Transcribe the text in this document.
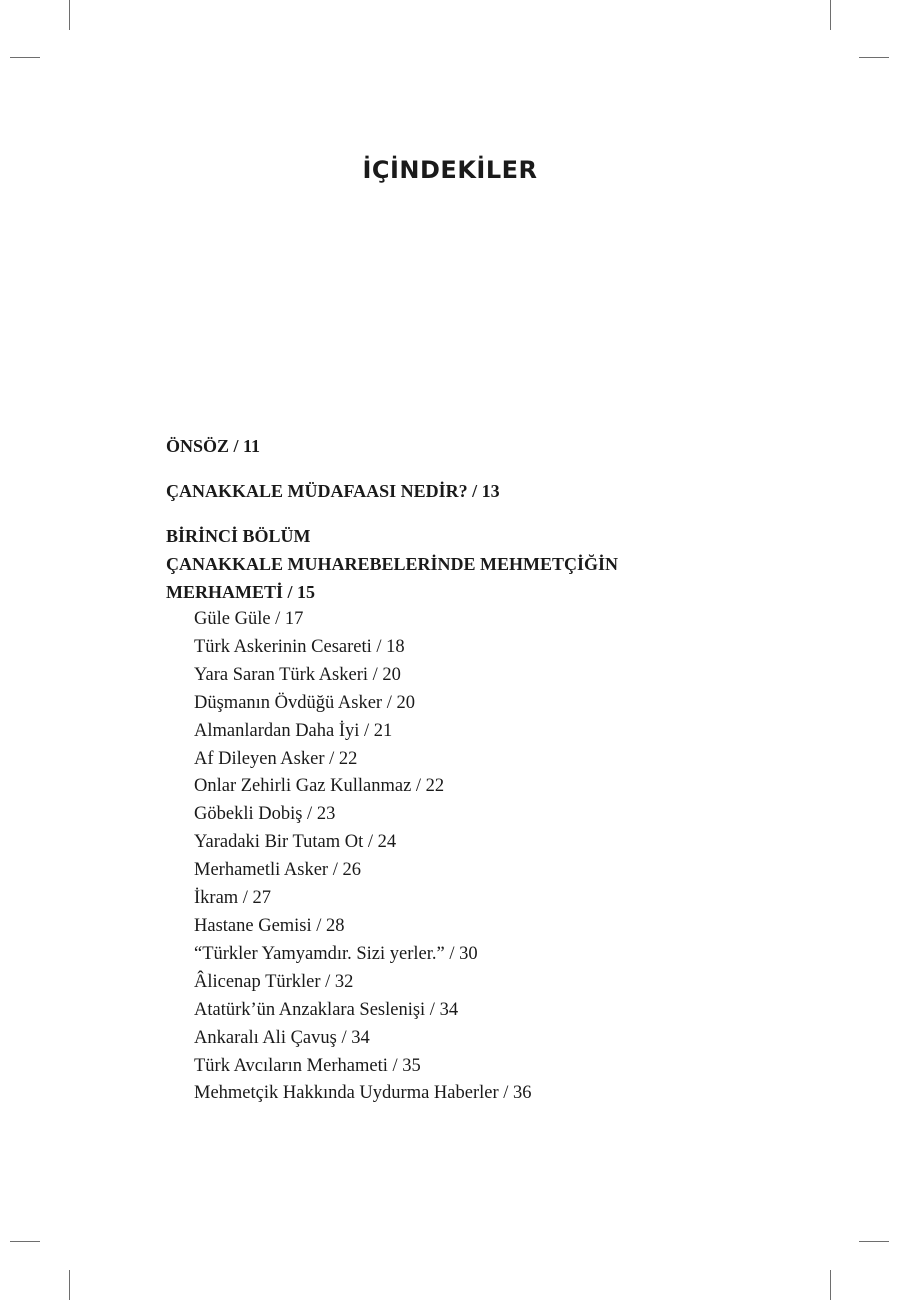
İÇİNDEKİLER

ÖNSÖZ / 11

ÇANAKKALE MÜDAFAASI NEDİR? / 13

BİRİNCİ BÖLÜM

ÇANAKKALE MUHAREBELERİNDE MEHMETÇİĞİN

MERHAMETİ / 15

Güle Güle / 17

Türk Askerinin Cesareti / 18

Yara Saran Türk Askeri / 20

Düşmanın Övdüğü Asker / 20

Almanlardan Daha İyi / 21

Af Dileyen Asker / 22

Onlar Zehirli Gaz Kullanmaz / 22

Göbekli Dobiş / 23

Yaradaki Bir Tutam Ot / 24

Merhametli Asker / 26

İkram / 27

Hastane Gemisi / 28

“Türkler Yamyamdır. Sizi yerler.” / 30

Âlicenap Türkler / 32

Atatürk’ün Anzaklara Seslenişi / 34

Ankaralı Ali Çavuş / 34

Türk Avcıların Merhameti / 35

Mehmetçik Hakkında Uydurma Haberler / 36
